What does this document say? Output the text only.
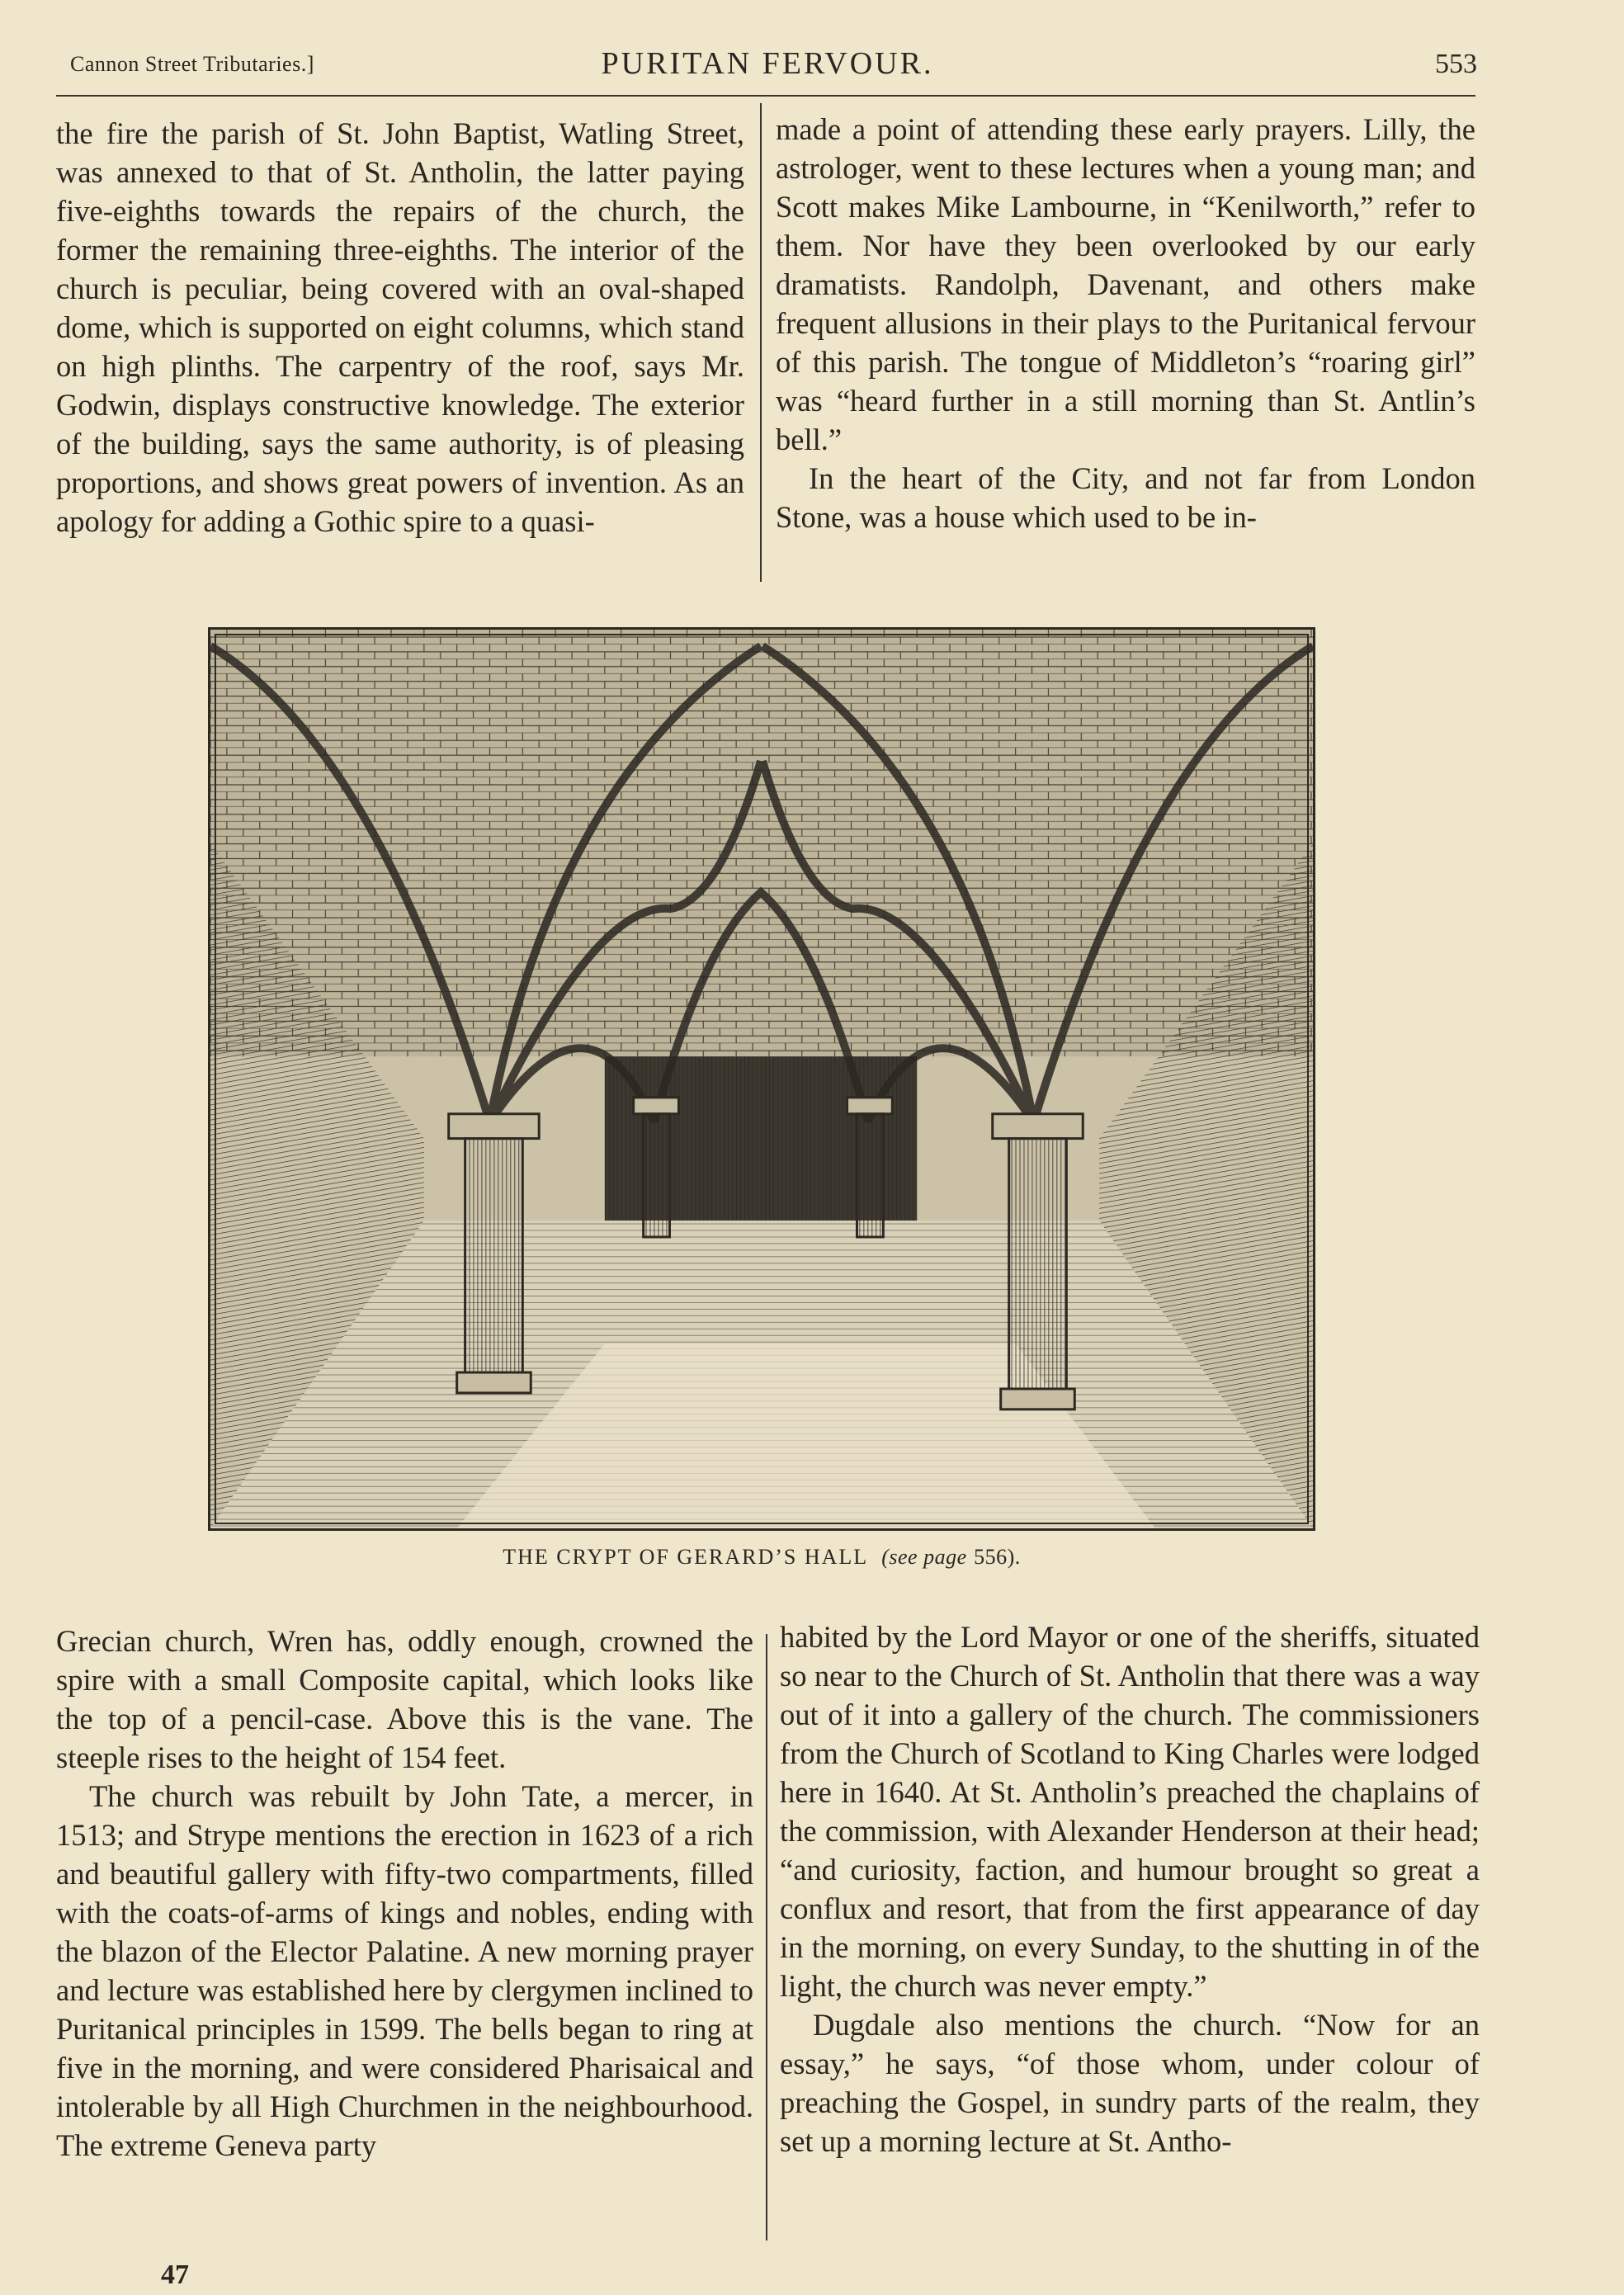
Cannon Street Tributaries.]	PURITAN FERVOUR.	553

the fire the parish of St. John Baptist, Watling Street, was annexed to that of St. Antholin, the latter paying five-eighths towards the repairs of the church, the former the remaining three-eighths. The interior of the church is peculiar, being covered with an oval-shaped dome, which is supported on eight columns, which stand on high plinths. The carpentry of the roof, says Mr. Godwin, displays constructive knowledge. The exterior of the building, says the same authority, is of pleasing proportions, and shows great powers of invention. As an apology for adding a Gothic spire to a quasi-

made a point of attending these early prayers. Lilly, the astrologer, went to these lectures when a young man; and Scott makes Mike Lambourne, in “Kenilworth,” refer to them. Nor have they been overlooked by our early dramatists. Randolph, Davenant, and others make frequent allusions in their plays to the Puritanical fervour of this parish. The tongue of Middleton’s “roaring girl” was “heard further in a still morning than St. Antlin’s bell.”

In the heart of the City, and not far from London Stone, was a house which used to be in-

THE CRYPT OF GERARD’S HALL (see page 556).

Grecian church, Wren has, oddly enough, crowned the spire with a small Composite capital, which looks like the top of a pencil-case. Above this is the vane. The steeple rises to the height of 154 feet.

The church was rebuilt by John Tate, a mercer, in 1513; and Strype mentions the erection in 1623 of a rich and beautiful gallery with fifty-two compartments, filled with the coats-of-arms of kings and nobles, ending with the blazon of the Elector Palatine. A new morning prayer and lecture was established here by clergymen inclined to Puritanical principles in 1599. The bells began to ring at five in the morning, and were considered Pharisaical and intolerable by all High Churchmen in the neighbourhood. The extreme Geneva party

habited by the Lord Mayor or one of the sheriffs, situated so near to the Church of St. Antholin that there was a way out of it into a gallery of the church. The commissioners from the Church of Scotland to King Charles were lodged here in 1640. At St. Antholin’s preached the chaplains of the commission, with Alexander Henderson at their head; “and curiosity, faction, and humour brought so great a conflux and resort, that from the first appearance of day in the morning, on every Sunday, to the shutting in of the light, the church was never empty.”

Dugdale also mentions the church. “Now for an essay,” he says, “of those whom, under colour of preaching the Gospel, in sundry parts of the realm, they set up a morning lecture at St. Antho-

47
